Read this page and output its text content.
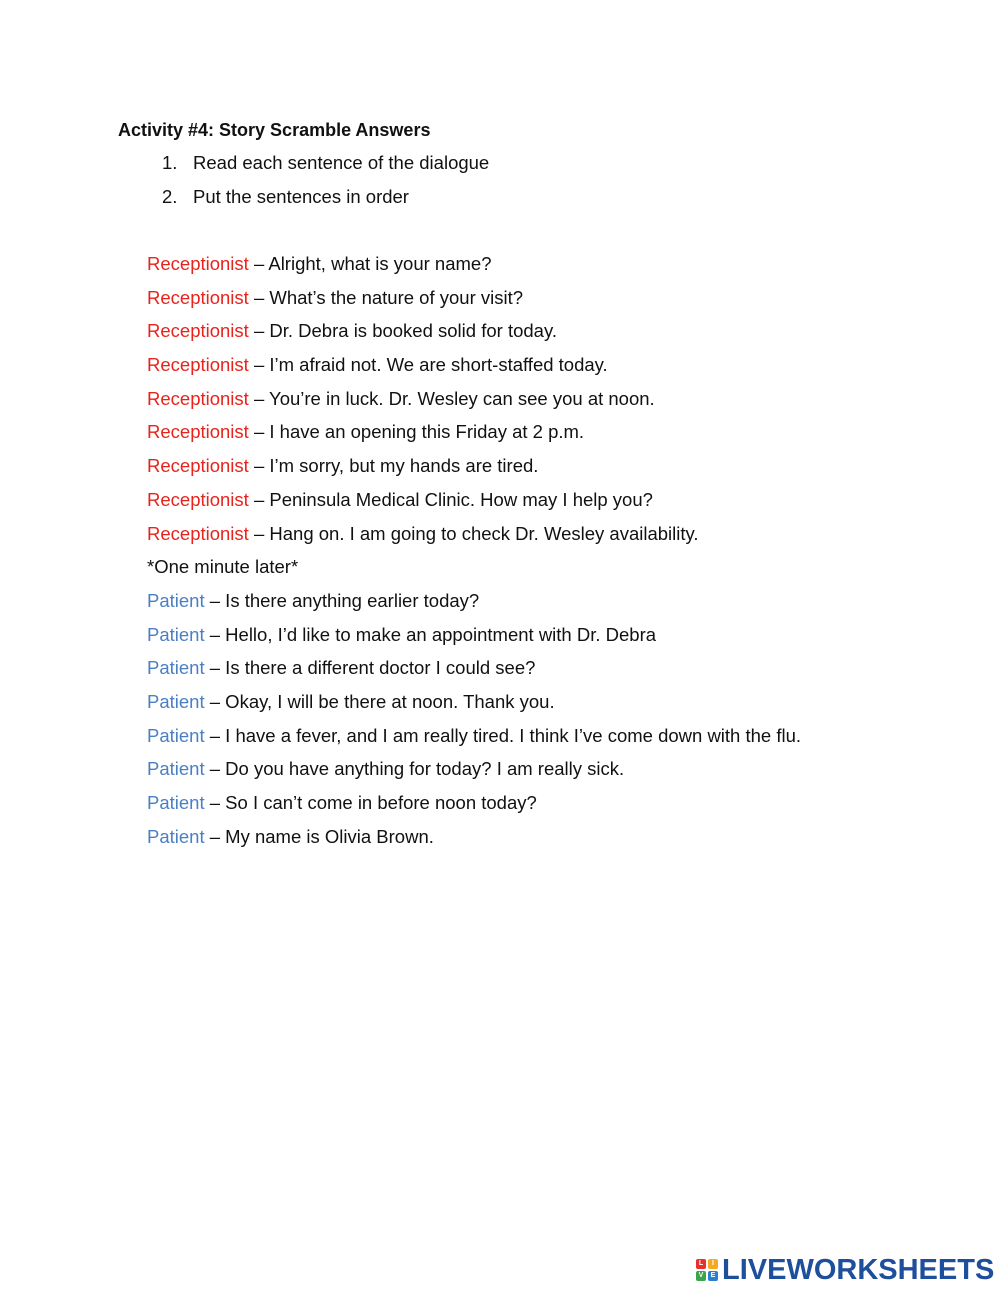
Activity #4: Story Scramble Answers
1. Read each sentence of the dialogue
2. Put the sentences in order
Receptionist – Alright, what is your name?
Receptionist – What’s the nature of your visit?
Receptionist – Dr. Debra is booked solid for today.
Receptionist – I’m afraid not. We are short-staffed today.
Receptionist – You’re in luck. Dr. Wesley can see you at noon.
Receptionist – I have an opening this Friday at 2 p.m.
Receptionist – I’m sorry, but my hands are tired.
Receptionist – Peninsula Medical Clinic. How may I help you?
Receptionist – Hang on. I am going to check Dr. Wesley availability.
*One minute later*
Patient – Is there anything earlier today?
Patient – Hello, I’d like to make an appointment with Dr. Debra
Patient – Is there a different doctor I could see?
Patient – Okay, I will be there at noon. Thank you.
Patient – I have a fever, and I am really tired. I think I’ve come down with the flu.
Patient – Do you have anything for today? I am really sick.
Patient – So I can’t come in before noon today?
Patient – My name is Olivia Brown.
L	I
V	E LIVEWORKSHEETS
